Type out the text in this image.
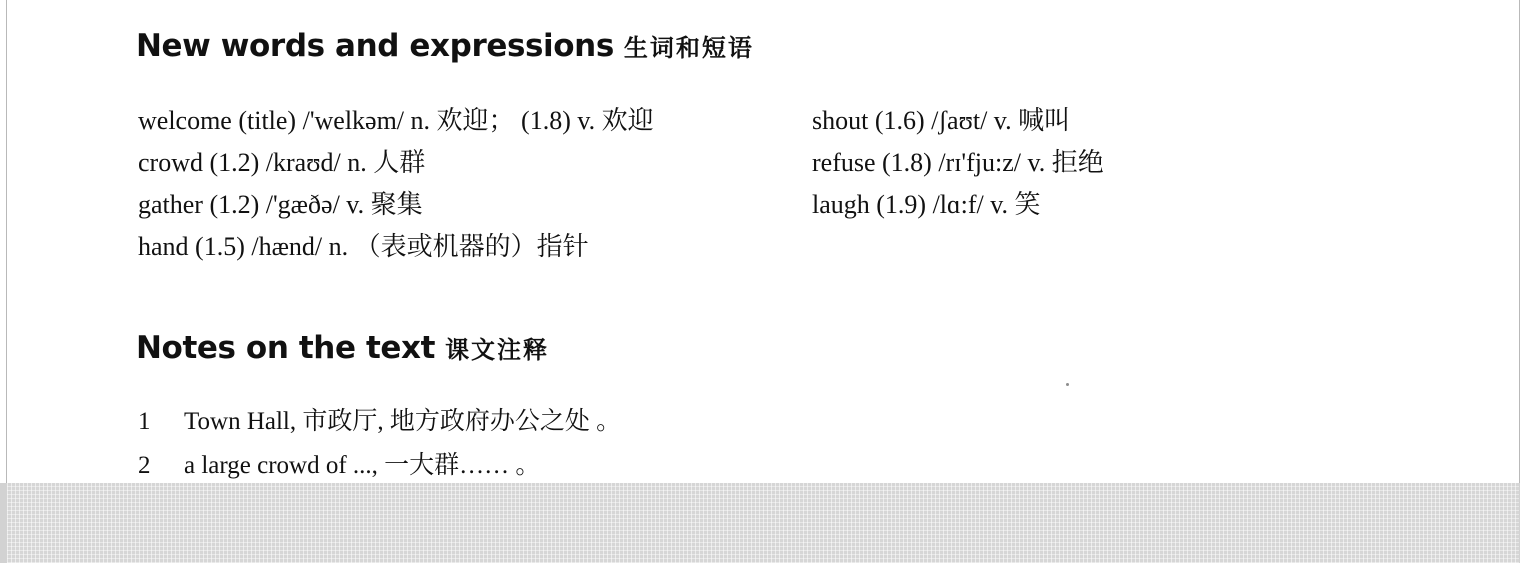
New words and expressions 生词和短语
welcome (title) /'welkəm/ n. 欢迎； (1.8) v. 欢迎
crowd (1.2) /kraʊd/ n. 人群
gather (1.2) /'gæðə/ v. 聚集
hand (1.5) /hænd/ n. （表或机器的）指针
shout (1.6) /ʃaʊt/ v. 喊叫
refuse (1.8) /rɪ'fju:z/ v. 拒绝
laugh (1.9) /lɑ:f/ v. 笑
Notes on the text 课文注释
1	Town Hall, 市政厅, 地方政府办公之处 。
2	a large crowd of ..., 一大群…… 。
